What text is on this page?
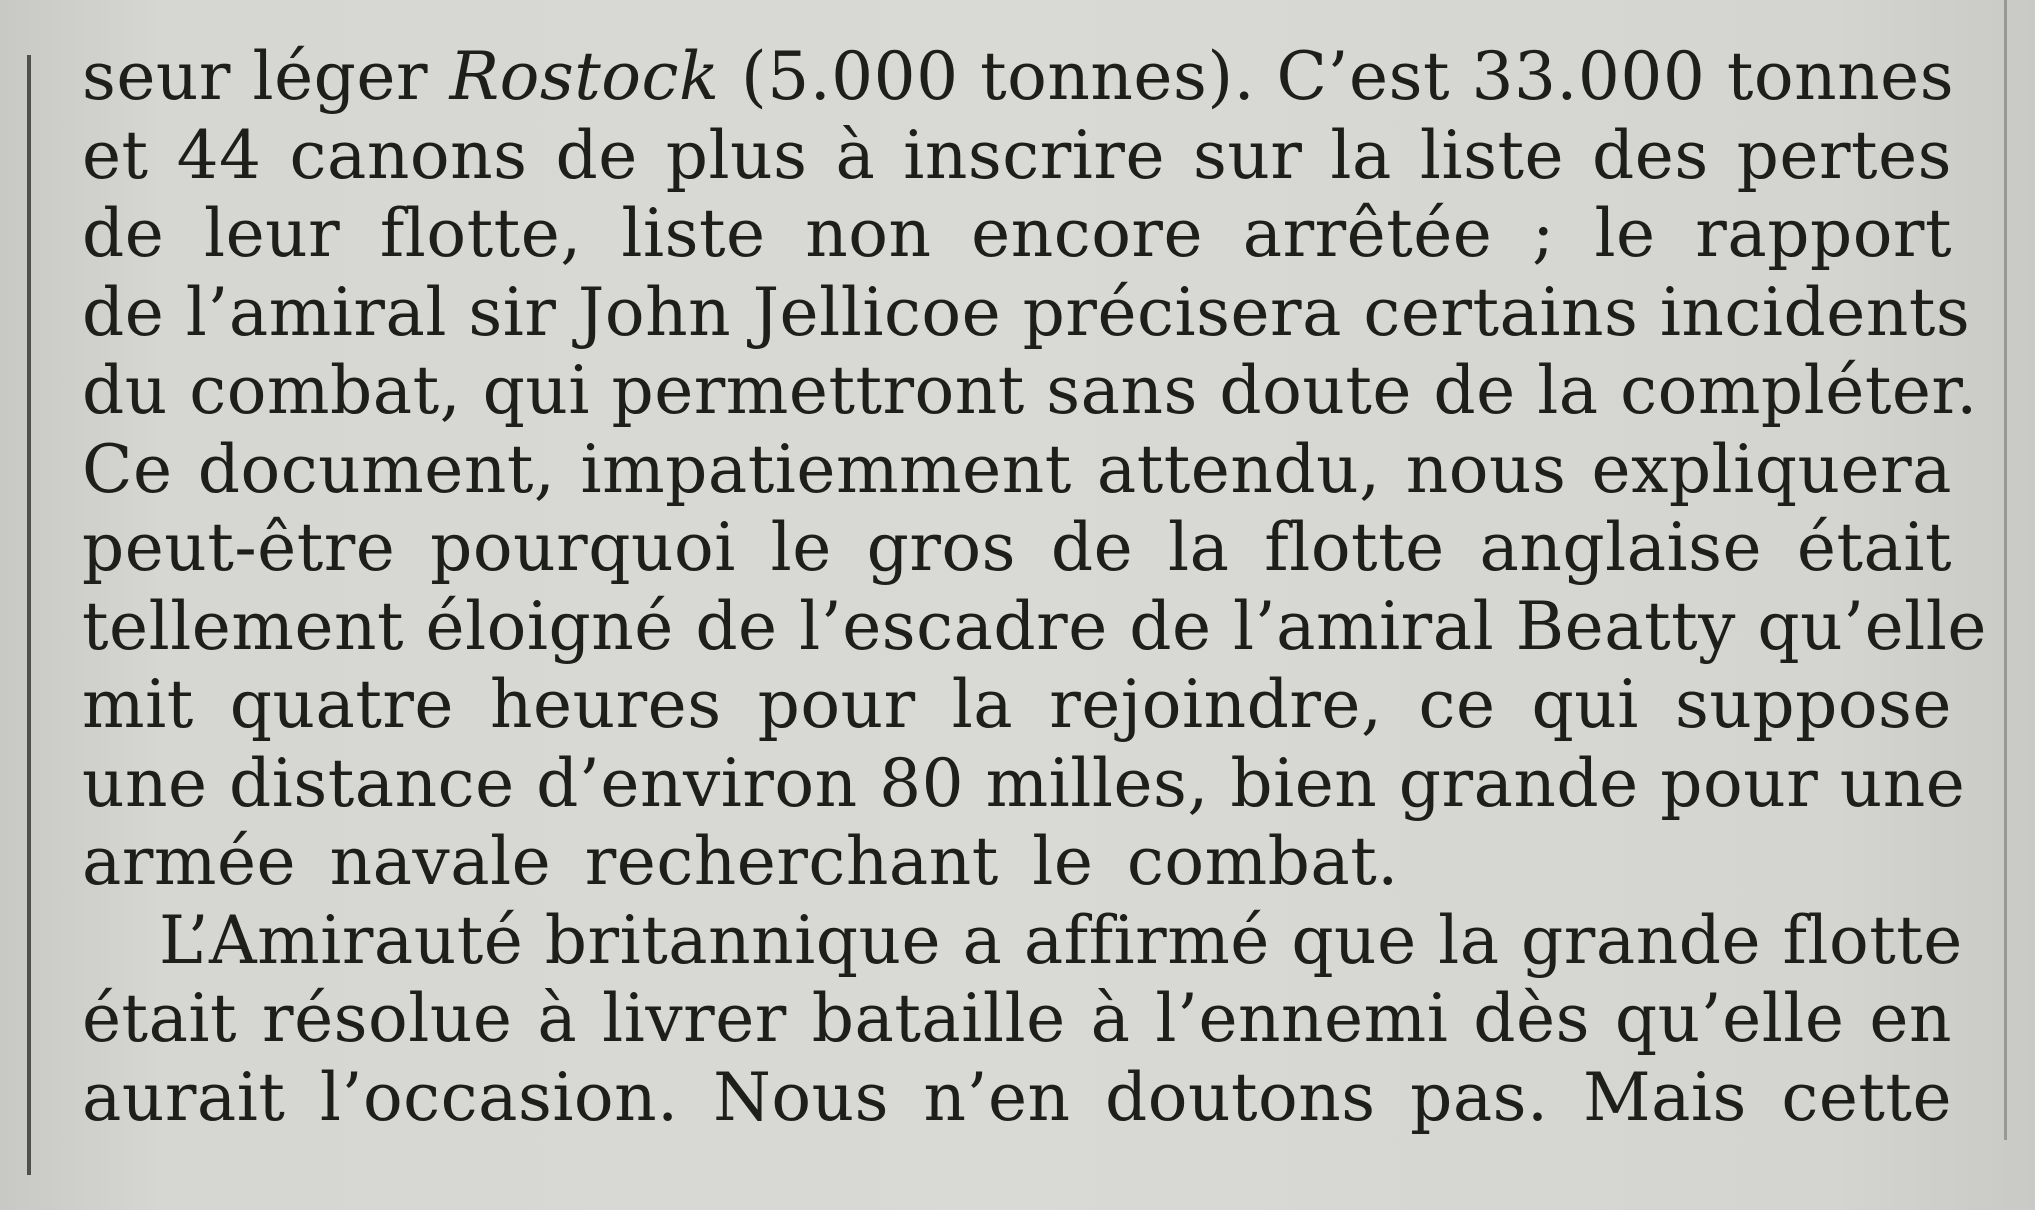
seur léger Rostock (5.000 tonnes). C’est 33.000 tonnes
et 44 canons de plus à inscrire sur la liste des pertes
de leur flotte, liste non encore arrêtée ; le rapport
de l’amiral sir John Jellicoe précisera certains incidents
du combat, qui permettront sans doute de la compléter.
Ce document, impatiemment attendu, nous expliquera
peut-être pourquoi le gros de la flotte anglaise était
tellement éloigné de l’escadre de l’amiral Beatty qu’elle
mit quatre heures pour la rejoindre, ce qui suppose
une distance d’environ 80 milles, bien grande pour une
armée navale recherchant le combat.
L’Amirauté britannique a affirmé que la grande flotte
était résolue à livrer bataille à l’ennemi dès qu’elle en
aurait l’occasion. Nous n’en doutons pas. Mais cette
